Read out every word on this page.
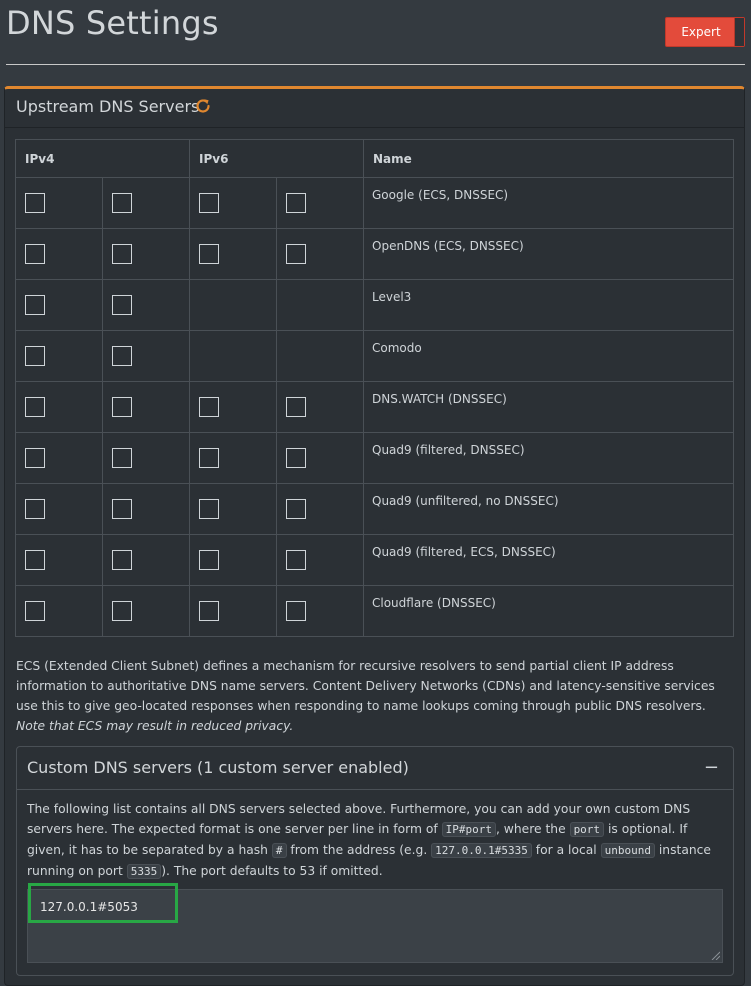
DNS Settings	Expert
Upstream DNS Servers
IPv4		IPv6		Name

	Google (ECS, DNSSEC)

	OpenDNS (ECS, DNSSEC)

			Level3

			Comodo

	DNS.WATCH (DNSSEC)

	Quad9 (filtered, DNSSEC)

	Quad9 (unfiltered, no DNSSEC)

	Quad9 (filtered, ECS, DNSSEC)

	Cloudflare (DNSSEC)
ECS (Extended Client Subnet) defines a mechanism for recursive resolvers to send partial client IP address information to authoritative DNS name servers. Content Delivery Networks (CDNs) and latency-sensitive services use this to give geo-located responses when responding to name lookups coming through public DNS resolvers. Note that ECS may result in reduced privacy.
Custom DNS servers (1 custom server enabled)	−
The following list contains all DNS servers selected above. Furthermore, you can add your own custom DNS servers here. The expected format is one server per line in form of IP#port , where the port is optional. If given, it has to be separated by a hash # from the address (e.g. 127.0.0.1#5335 for a local unbound instance running on port 5335 ). The port defaults to 53 if omitted.
127.0.0.1#5053
